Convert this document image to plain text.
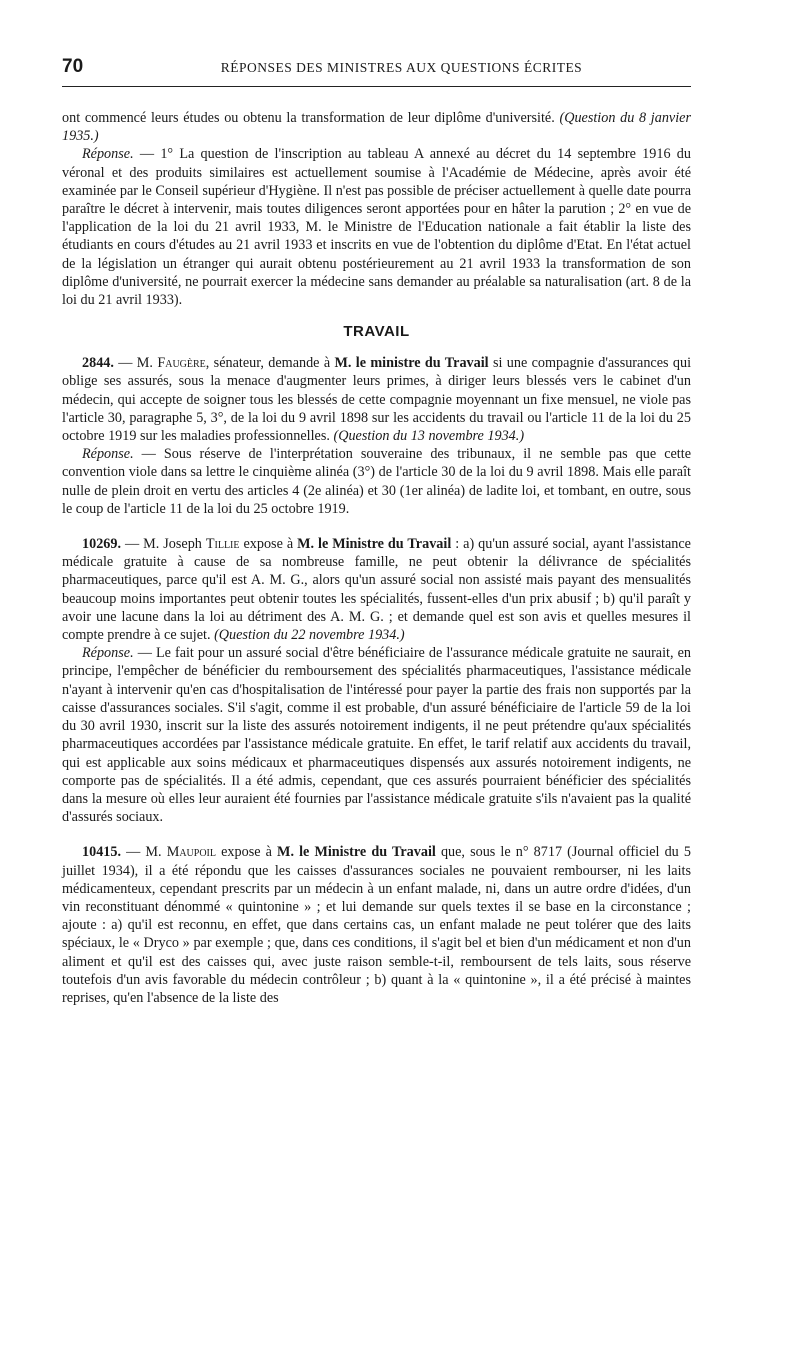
70	RÉPONSES DES MINISTRES AUX QUESTIONS ÉCRITES

ont commencé leurs études ou obtenu la transformation de leur diplôme d'université. (Question du 8 janvier 1935.)

Réponse. — 1° La question de l'inscription au tableau A annexé au décret du 14 septembre 1916 du véronal et des produits similaires est actuellement soumise à l'Académie de Médecine, après avoir été examinée par le Conseil supérieur d'Hygiène. Il n'est pas possible de préciser actuellement à quelle date pourra paraître le décret à intervenir, mais toutes diligences seront apportées pour en hâter la parution ; 2° en vue de l'application de la loi du 21 avril 1933, M. le Ministre de l'Education nationale a fait établir la liste des étudiants en cours d'études au 21 avril 1933 et inscrits en vue de l'obtention du diplôme d'Etat. En l'état actuel de la législation un étranger qui aurait obtenu postérieurement au 21 avril 1933 la transformation de son diplôme d'université, ne pourrait exercer la médecine sans demander au préalable sa naturalisation (art. 8 de la loi du 21 avril 1933).

TRAVAIL

2844. — M. Faugère, sénateur, demande à M. le ministre du Travail si une compagnie d'assurances qui oblige ses assurés, sous la menace d'augmenter leurs primes, à diriger leurs blessés vers le cabinet d'un médecin, qui accepte de soigner tous les blessés de cette compagnie moyennant un fixe mensuel, ne viole pas l'article 30, paragraphe 5, 3°, de la loi du 9 avril 1898 sur les accidents du travail ou l'article 11 de la loi du 25 octobre 1919 sur les maladies professionnelles. (Question du 13 novembre 1934.)

Réponse. — Sous réserve de l'interprétation souveraine des tribunaux, il ne semble pas que cette convention viole dans sa lettre le cinquième alinéa (3°) de l'article 30 de la loi du 9 avril 1898. Mais elle paraît nulle de plein droit en vertu des articles 4 (2e alinéa) et 30 (1er alinéa) de ladite loi, et tombant, en outre, sous le coup de l'article 11 de la loi du 25 octobre 1919.

10269. — M. Joseph Tillie expose à M. le Ministre du Travail : a) qu'un assuré social, ayant l'assistance médicale gratuite à cause de sa nombreuse famille, ne peut obtenir la délivrance de spécialités pharmaceutiques, parce qu'il est A. M. G., alors qu'un assuré social non assisté mais payant des mensualités beaucoup moins importantes peut obtenir toutes les spécialités, fussent-elles d'un prix abusif ; b) qu'il paraît y avoir une lacune dans la loi au détriment des A. M. G. ; et demande quel est son avis et quelles mesures il compte prendre à ce sujet. (Question du 22 novembre 1934.)

Réponse. — Le fait pour un assuré social d'être bénéficiaire de l'assurance médicale gratuite ne saurait, en principe, l'empêcher de bénéficier du remboursement des spécialités pharmaceutiques, l'assistance médicale n'ayant à intervenir qu'en cas d'hospitalisation de l'intéressé pour payer la partie des frais non supportés par la caisse d'assurances sociales. S'il s'agit, comme il est probable, d'un assuré bénéficiaire de l'article 59 de la loi du 30 avril 1930, inscrit sur la liste des assurés notoirement indigents, il ne peut prétendre qu'aux spécialités pharmaceutiques accordées par l'assistance médicale gratuite. En effet, le tarif relatif aux accidents du travail, qui est applicable aux soins médicaux et pharmaceutiques dispensés aux assurés notoirement indigents, ne comporte pas de spécialités. Il a été admis, cependant, que ces assurés pourraient bénéficier des spécialités dans la mesure où elles leur auraient été fournies par l'assistance médicale gratuite s'ils n'avaient pas la qualité d'assurés sociaux.

10415. — M. Maupoil expose à M. le Ministre du Travail que, sous le n° 8717 (Journal officiel du 5 juillet 1934), il a été répondu que les caisses d'assurances sociales ne pouvaient rembourser, ni les laits médicamenteux, cependant prescrits par un médecin à un enfant malade, ni, dans un autre ordre d'idées, d'un vin reconstituant dénommé « quintonine » ; et lui demande sur quels textes il se base en la circonstance ; ajoute : a) qu'il est reconnu, en effet, que dans certains cas, un enfant malade ne peut tolérer que des laits spéciaux, le « Dryco » par exemple ; que, dans ces conditions, il s'agit bel et bien d'un médicament et non d'un aliment et qu'il est des caisses qui, avec juste raison semble-t-il, remboursent de tels laits, sous réserve toutefois d'un avis favorable du médecin contrôleur ; b) quant à la « quintonine », il a été précisé à maintes reprises, qu'en l'absence de la liste des
